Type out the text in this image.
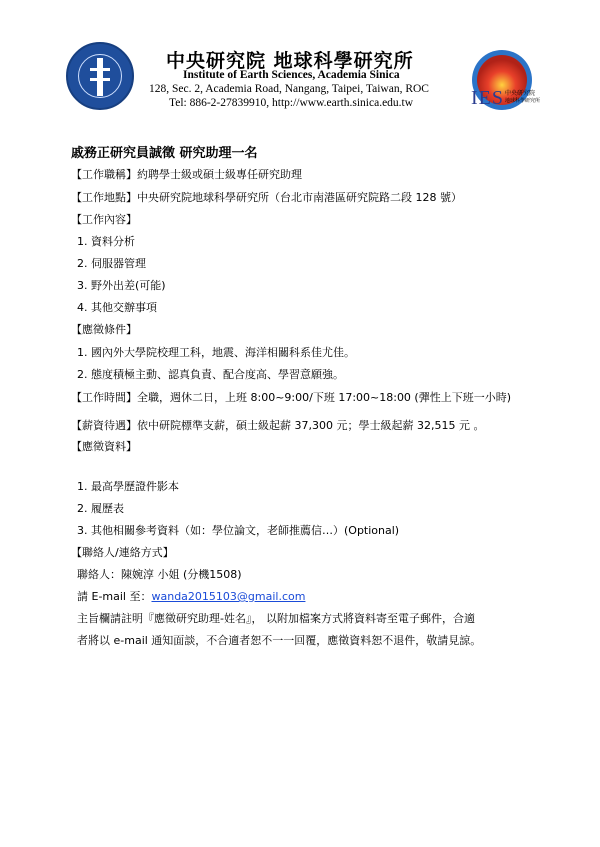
中央研究院 地球科學研究所
Institute of Earth Sciences, Academia Sinica
128, Sec. 2, Academia Road, Nangang, Taipei, Taiwan, ROC
Tel: 886-2-27839910, http://www.earth.sinica.edu.tw	IES 中央研究院
地球科學研究所
戚務正研究員誠徵 研究助理一名
【工作職稱】約聘學士級或碩士級專任研究助理
【工作地點】中央研究院地球科學研究所（台北市南港區研究院路二段 128 號）
【工作內容】
1. 資料分析
2. 伺服器管理
3. 野外出差(可能)
4. 其他交辦事項
【應徵條件】
1. 國內外大學院校理工科，地震、海洋相關科系佳尤佳。
2. 態度積極主動、認真負責、配合度高、學習意願強。
【工作時間】全職，週休二日，上班 8:00~9:00/下班 17:00~18:00 (彈性上下班一小時)
【薪資待遇】依中研院標準支薪，碩士級起薪 37,300 元；學士級起薪 32,515 元 。
【應徵資料】
1. 最高學歷證件影本
2. 履歷表
3. 其他相關參考資料（如：學位論文，老師推薦信…）(Optional)
【聯絡人/連絡方式】
聯絡人：陳婉淳 小姐 (分機1508)
請 E-mail 至：wanda2015103@gmail.com
主旨欄請註明『應徵研究助理-姓名』， 以附加檔案方式將資料寄至電子郵件，合適
者將以 e-mail 通知面談，不合適者恕不一一回覆，應徵資料恕不退件，敬請見諒。
